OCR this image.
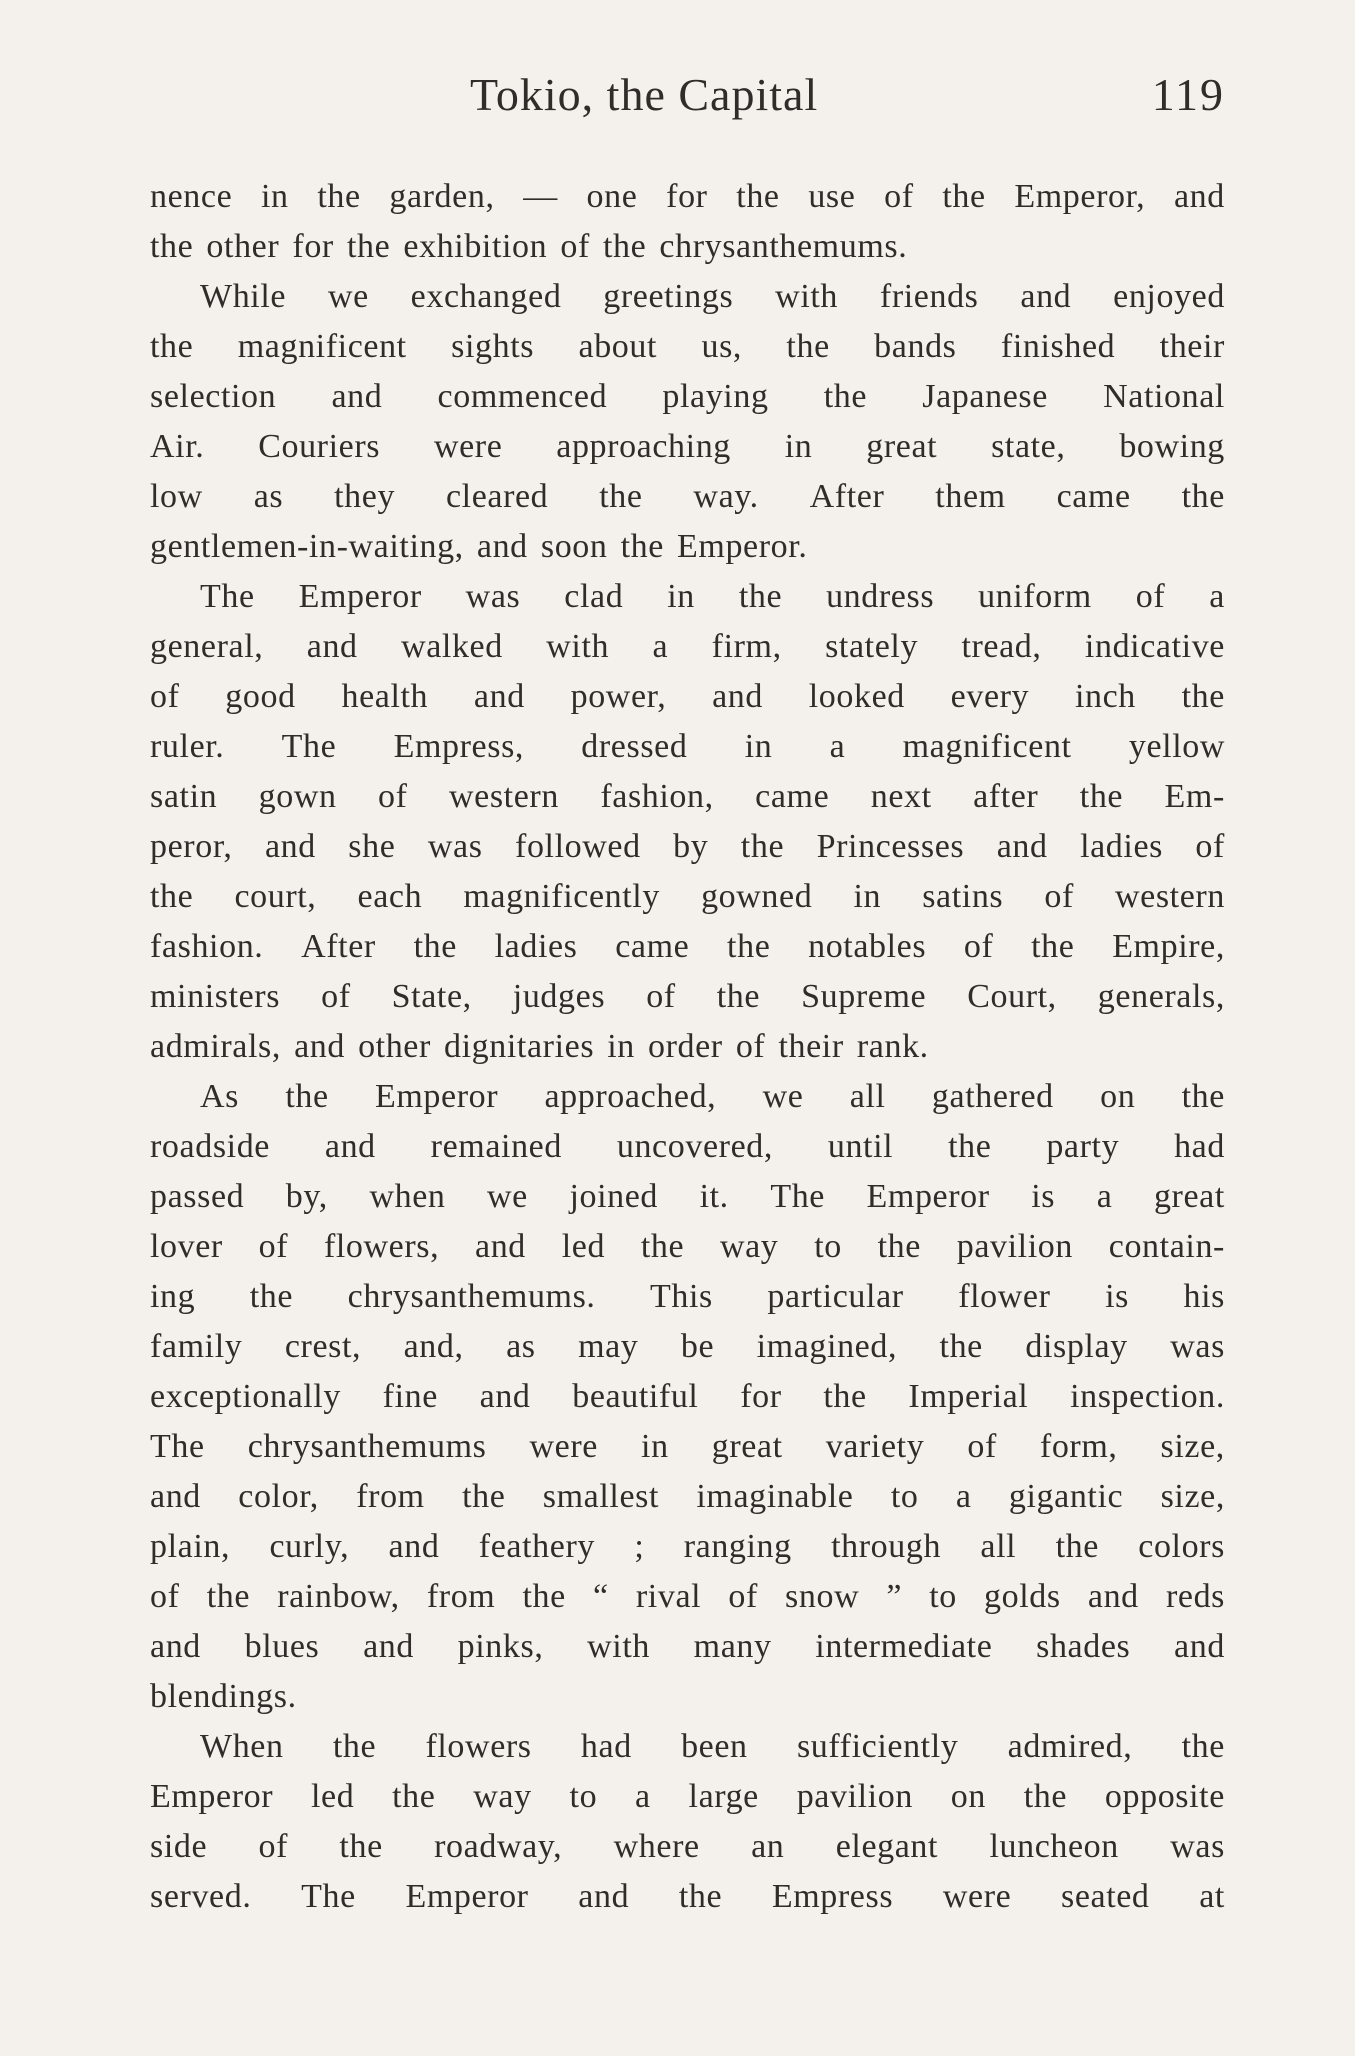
Tokio, the Capital	119
nence in the garden, — one for the use of the Emperor, and
the other for the exhibition of the chrysanthemums.
While we exchanged greetings with friends and enjoyed
the magnificent sights about us, the bands finished their
selection and commenced playing the Japanese National
Air. Couriers were approaching in great state, bowing
low as they cleared the way. After them came the
gentlemen-in-waiting, and soon the Emperor.
The Emperor was clad in the undress uniform of a
general, and walked with a firm, stately tread, indicative
of good health and power, and looked every inch the
ruler. The Empress, dressed in a magnificent yellow
satin gown of western fashion, came next after the Em-
peror, and she was followed by the Princesses and ladies of
the court, each magnificently gowned in satins of western
fashion. After the ladies came the notables of the Empire,
ministers of State, judges of the Supreme Court, generals,
admirals, and other dignitaries in order of their rank.
As the Emperor approached, we all gathered on the
roadside and remained uncovered, until the party had
passed by, when we joined it. The Emperor is a great
lover of flowers, and led the way to the pavilion contain-
ing the chrysanthemums. This particular flower is his
family crest, and, as may be imagined, the display was
exceptionally fine and beautiful for the Imperial inspection.
The chrysanthemums were in great variety of form, size,
and color, from the smallest imaginable to a gigantic size,
plain, curly, and feathery ; ranging through all the colors
of the rainbow, from the “ rival of snow ” to golds and reds
and blues and pinks, with many intermediate shades and
blendings.
When the flowers had been sufficiently admired, the
Emperor led the way to a large pavilion on the opposite
side of the roadway, where an elegant luncheon was
served. The Emperor and the Empress were seated at
